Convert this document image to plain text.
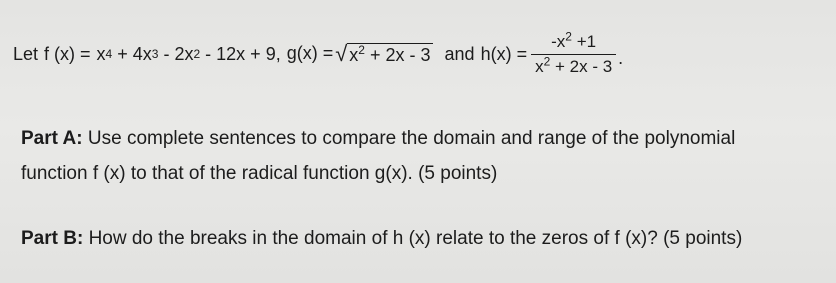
Let f (x) = x 4 + 4x 3 - 2x 2 - 12x + 9, g(x) = √ $x^2 + 2x - 3$ and $h(x) = \frac{-x^2 +1}{x^2 + 2x - 3}$ .
Part A: Use complete sentences to compare the domain and range of the polynomial
function f (x) to that of the radical function g(x). (5 points)
Part B: How do the breaks in the domain of h (x) relate to the zeros of f (x)? (5 points)
